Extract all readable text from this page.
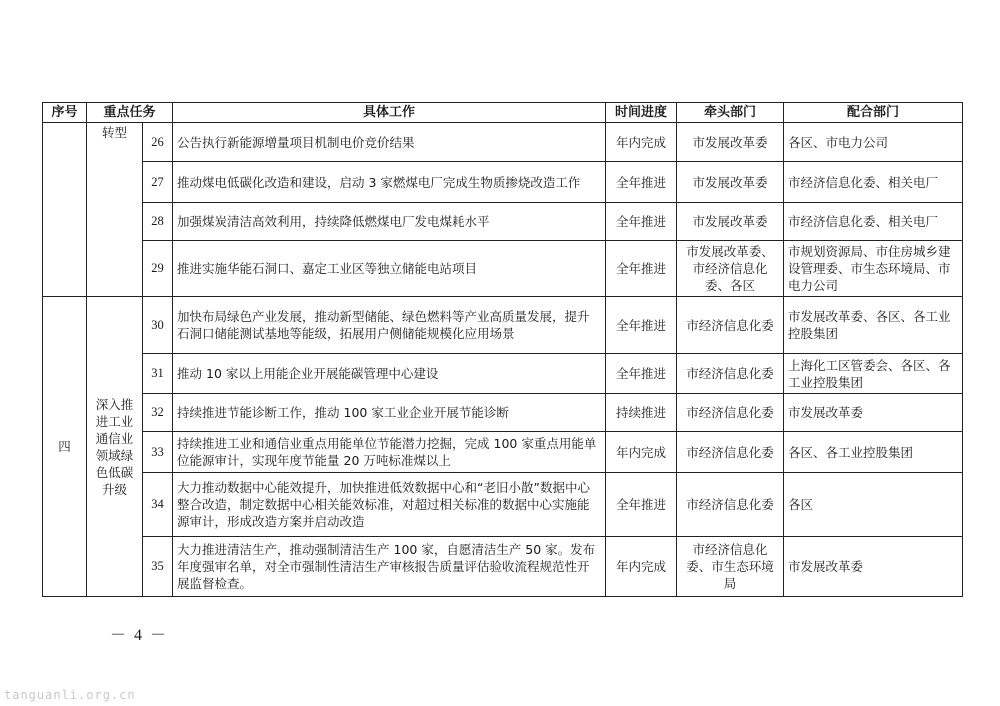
序号	重点任务		具体工作	时间进度	牵头部门	配合部门
	转型	26	公告执行新能源增量项目机制电价竞价结果	年内完成	市发展改革委	各区、市电力公司
		27	推动煤电低碳化改造和建设，启动 3 家燃煤电厂完成生物质掺烧改造工作	全年推进	市发展改革委	市经济信息化委、相关电厂
		28	加强煤炭清洁高效利用，持续降低燃煤电厂发电煤耗水平	全年推进	市发展改革委	市经济信息化委、相关电厂
		29	推进实施华能石洞口、嘉定工业区等独立储能电站项目	全年推进	市发展改革委、市经济信息化委、各区	市规划资源局、市住房城乡建设管理委、市生态环境局、市电力公司
四	深入推进工业通信业领域绿色低碳升级	30	加快布局绿色产业发展，推动新型储能、绿色燃料等产业高质量发展，提升石洞口储能测试基地等能级，拓展用户侧储能规模化应用场景	全年推进	市经济信息化委	市发展改革委、各区、各工业控股集团
		31	推动 10 家以上用能企业开展能碳管理中心建设	全年推进	市经济信息化委	上海化工区管委会、各区、各工业控股集团
		32	持续推进节能诊断工作，推动 100 家工业企业开展节能诊断	持续推进	市经济信息化委	市发展改革委
		33	持续推进工业和通信业重点用能单位节能潜力挖掘，完成 100 家重点用能单位能源审计，实现年度节能量 20 万吨标准煤以上	年内完成	市经济信息化委	各区、各工业控股集团
		34	大力推动数据中心能效提升，加快推进低效数据中心和“老旧小散”数据中心整合改造，制定数据中心相关能效标准，对超过相关标准的数据中心实施能源审计，形成改造方案并启动改造	全年推进	市经济信息化委	各区
		35	大力推进清洁生产，推动强制清洁生产 100 家，自愿清洁生产 50 家。发布年度强审名单，对全市强制性清洁生产审核报告质量评估验收流程规范性开展监督检查。	年内完成	市经济信息化委、市生态环境局	市发展改革委
－ 4 －
tanguanli.org.cn
